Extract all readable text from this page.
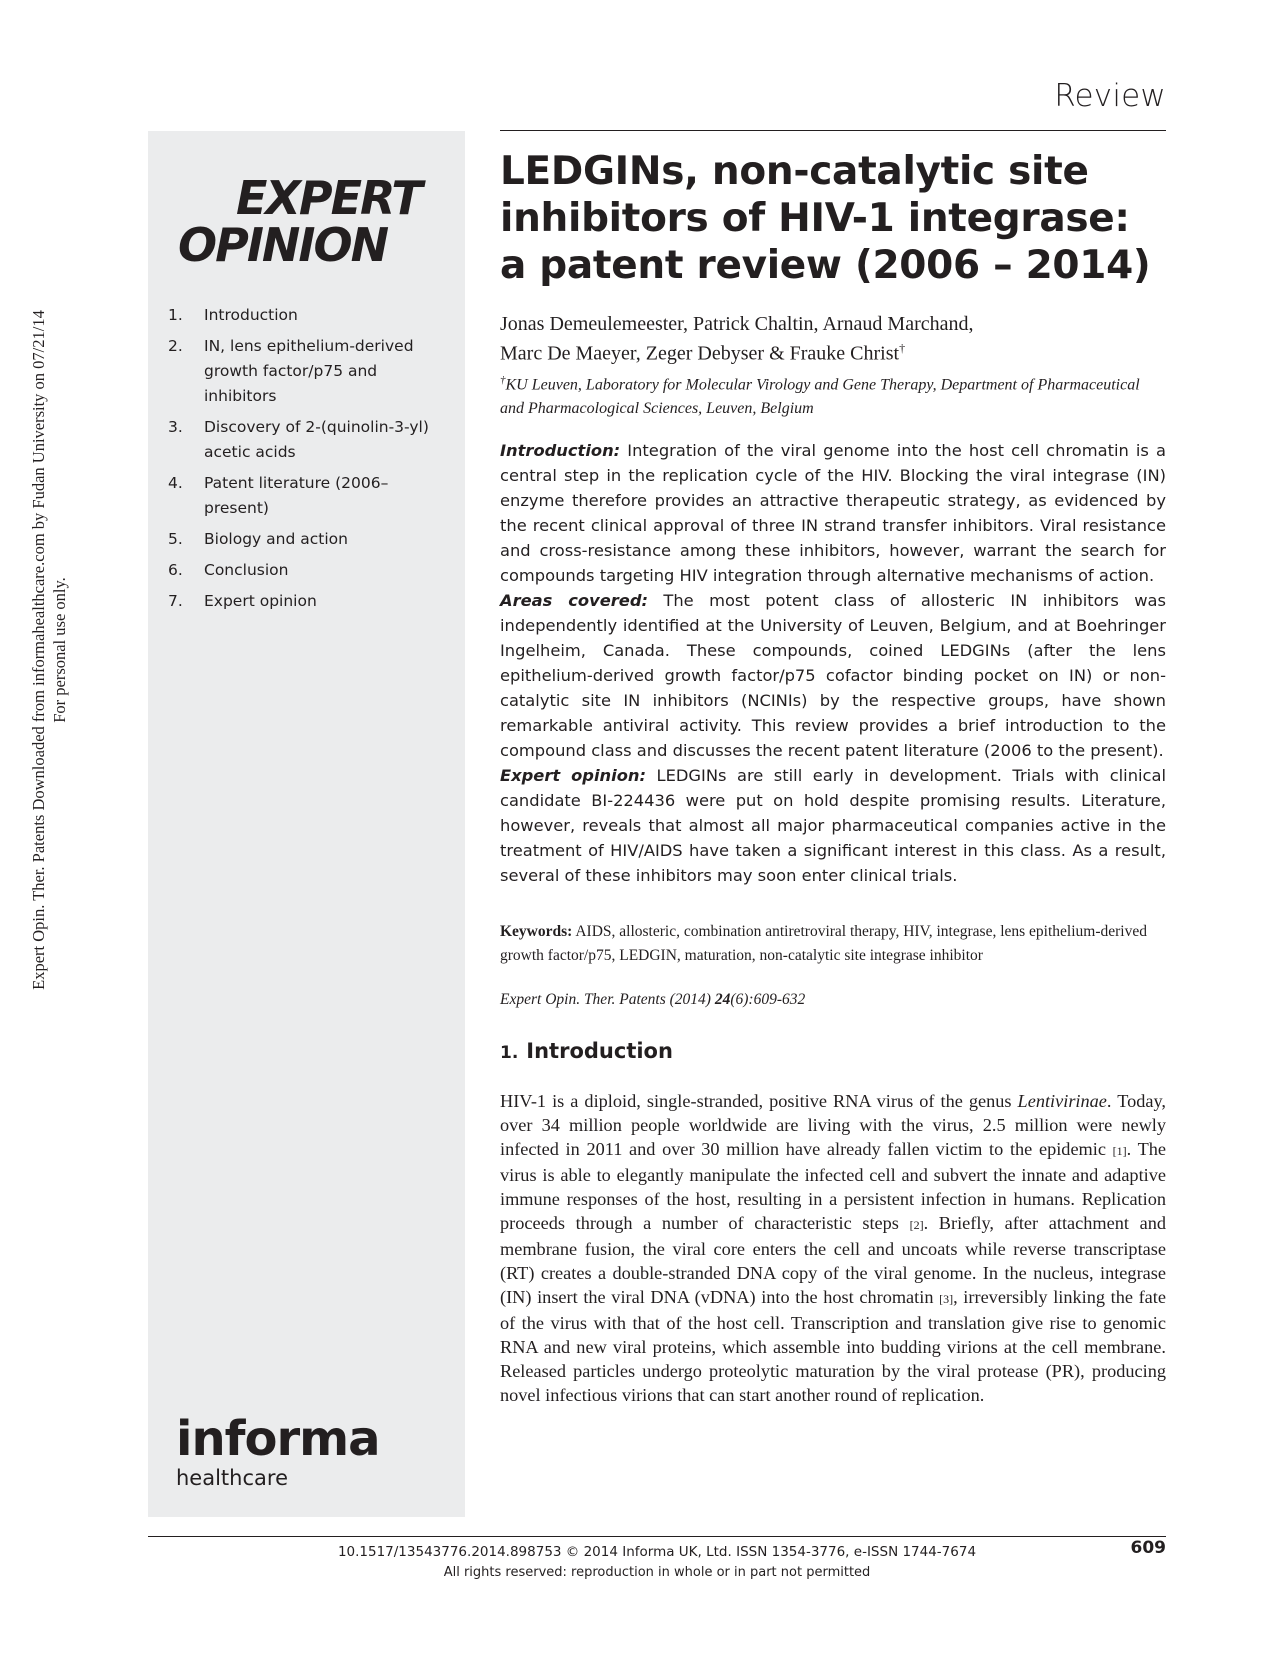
Expert Opin. Ther. Patents Downloaded from informahealthcare.com by Fudan University on 07/21/14 For personal use only.
Review
EXPERT
OPINION
1. Introduction
2. IN, lens epithelium-derived growth factor/p75 and inhibitors
3. Discovery of 2-(quinolin-3-yl) acetic acids
4. Patent literature (2006–present)
5. Biology and action
6. Conclusion
7. Expert opinion
informa
healthcare
LEDGINs, non-catalytic site inhibitors of HIV-1 integrase: a patent review (2006 – 2014)
Jonas Demeulemeester, Patrick Chaltin, Arnaud Marchand,
Marc De Maeyer, Zeger Debyser & Frauke Christ†
†KU Leuven, Laboratory for Molecular Virology and Gene Therapy, Department of Pharmaceutical and Pharmacological Sciences, Leuven, Belgium

Introduction: Integration of the viral genome into the host cell chromatin is a central step in the replication cycle of the HIV. Blocking the viral integrase (IN) enzyme therefore provides an attractive therapeutic strategy, as evidenced by the recent clinical approval of three IN strand transfer inhibitors. Viral resistance and cross-resistance among these inhibitors, however, warrant the search for compounds targeting HIV integration through alternative mechanisms of action.

Areas covered: The most potent class of allosteric IN inhibitors was independently identified at the University of Leuven, Belgium, and at Boehringer Ingelheim, Canada. These compounds, coined LEDGINs (after the lens epithelium-derived growth factor/p75 cofactor binding pocket on IN) or non-catalytic site IN inhibitors (NCINIs) by the respective groups, have shown remarkable antiviral activity. This review provides a brief introduction to the compound class and discusses the recent patent literature (2006 to the present).

Expert opinion: LEDGINs are still early in development. Trials with clinical candidate BI-224436 were put on hold despite promising results. Literature, however, reveals that almost all major pharmaceutical companies active in the treatment of HIV/AIDS have taken a significant interest in this class. As a result, several of these inhibitors may soon enter clinical trials.

Keywords: AIDS, allosteric, combination antiretroviral therapy, HIV, integrase, lens epithelium-derived growth factor/p75, LEDGIN, maturation, non-catalytic site integrase inhibitor
Expert Opin. Ther. Patents (2014) 24(6):609-632
1. Introduction
HIV-1 is a diploid, single-stranded, positive RNA virus of the genus Lentivirinae. Today, over 34 million people worldwide are living with the virus, 2.5 million were newly infected in 2011 and over 30 million have already fallen victim to the epidemic [1]. The virus is able to elegantly manipulate the infected cell and subvert the innate and adaptive immune responses of the host, resulting in a persistent infection in humans. Replication proceeds through a number of characteristic steps [2]. Briefly, after attachment and membrane fusion, the viral core enters the cell and uncoats while reverse transcriptase (RT) creates a double-stranded DNA copy of the viral genome. In the nucleus, integrase (IN) insert the viral DNA (vDNA) into the host chromatin [3], irreversibly linking the fate of the virus with that of the host cell. Transcription and translation give rise to genomic RNA and new viral proteins, which assemble into budding virions at the cell membrane. Released particles undergo proteolytic maturation by the viral protease (PR), producing novel infectious virions that can start another round of replication.
10.1517/13543776.2014.898753 © 2014 Informa UK, Ltd. ISSN 1354-3776, e-ISSN 1744-7674
All rights reserved: reproduction in whole or in part not permitted
609
